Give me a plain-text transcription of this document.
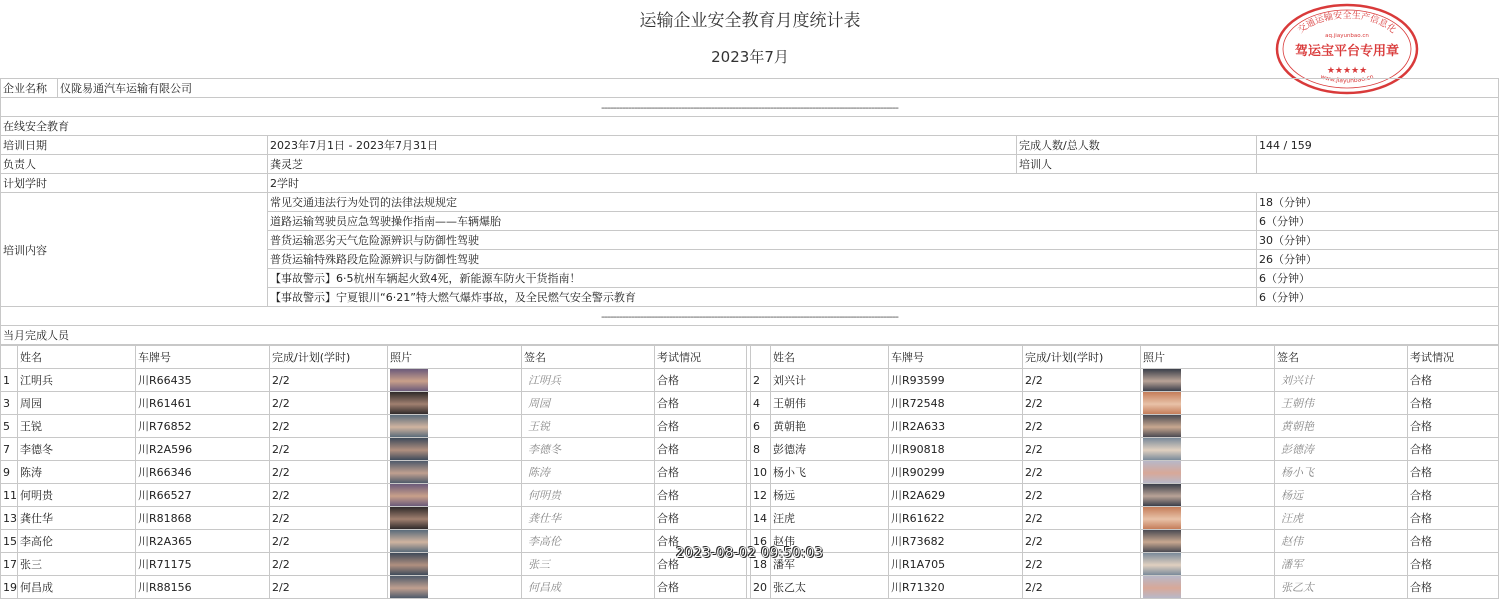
运输企业安全教育月度统计表
2023年7月
交通运输安全生产信息化
aq.jiayunbao.cn
驾运宝平台专用章
★★★★★
www.jiayunbao.cn
企业名称	仪陇易通汽车运输有限公司			
----------------------------------------------------------------------------------------------------				
在线安全教育				
培训日期		2023年7月1日 - 2023年7月31日	完成人数/总人数	144 / 159
负责人		龚灵芝	培训人	
计划学时		2学时		
培训内容		常见交通违法行为处罚的法律法规规定		18（分钟）
		道路运输驾驶员应急驾驶操作指南——车辆爆胎		6（分钟）
		普货运输恶劣天气危险源辨识与防御性驾驶		30（分钟）
		普货运输特殊路段危险源辨识与防御性驾驶		26（分钟）
		【事故警示】6·5杭州车辆起火致4死，新能源车防火干货指南！		6（分钟）
		【事故警示】宁夏银川“6·21”特大燃气爆炸事故，及全民燃气安全警示教育		6（分钟）
----------------------------------------------------------------------------------------------------				
当月完成人员				
	姓名	车牌号	完成/计划(学时)	照片	签名	考试情况			姓名	车牌号	完成/计划(学时)	照片	签名	考试情况
1	江明兵	川R66435	2/2		江明兵	合格		2	刘兴计	川R93599	2/2		刘兴计	合格
3	周园	川R61461	2/2		周园	合格		4	王朝伟	川R72548	2/2		王朝伟	合格
5	王锐	川R76852	2/2		王锐	合格		6	黄朝艳	川R2A633	2/2		黄朝艳	合格
7	李德冬	川R2A596	2/2		李德冬	合格		8	彭德涛	川R90818	2/2		彭德涛	合格
9	陈涛	川R66346	2/2		陈涛	合格		10	杨小飞	川R90299	2/2		杨小飞	合格
11	何明贵	川R66527	2/2		何明贵	合格		12	杨远	川R2A629	2/2		杨远	合格
13	龚仕华	川R81868	2/2		龚仕华	合格		14	汪虎	川R61622	2/2		汪虎	合格
15	李高伦	川R2A365	2/2		李高伦	合格		16	赵伟	川R73682	2/2		赵伟	合格
17	张三	川R71175	2/2		张三	合格		18	潘军	川R1A705	2/2		潘军	合格
19	何昌成	川R88156	2/2		何昌成	合格		20	张乙太	川R71320	2/2		张乙太	合格
2023-08-02 09:50:03
